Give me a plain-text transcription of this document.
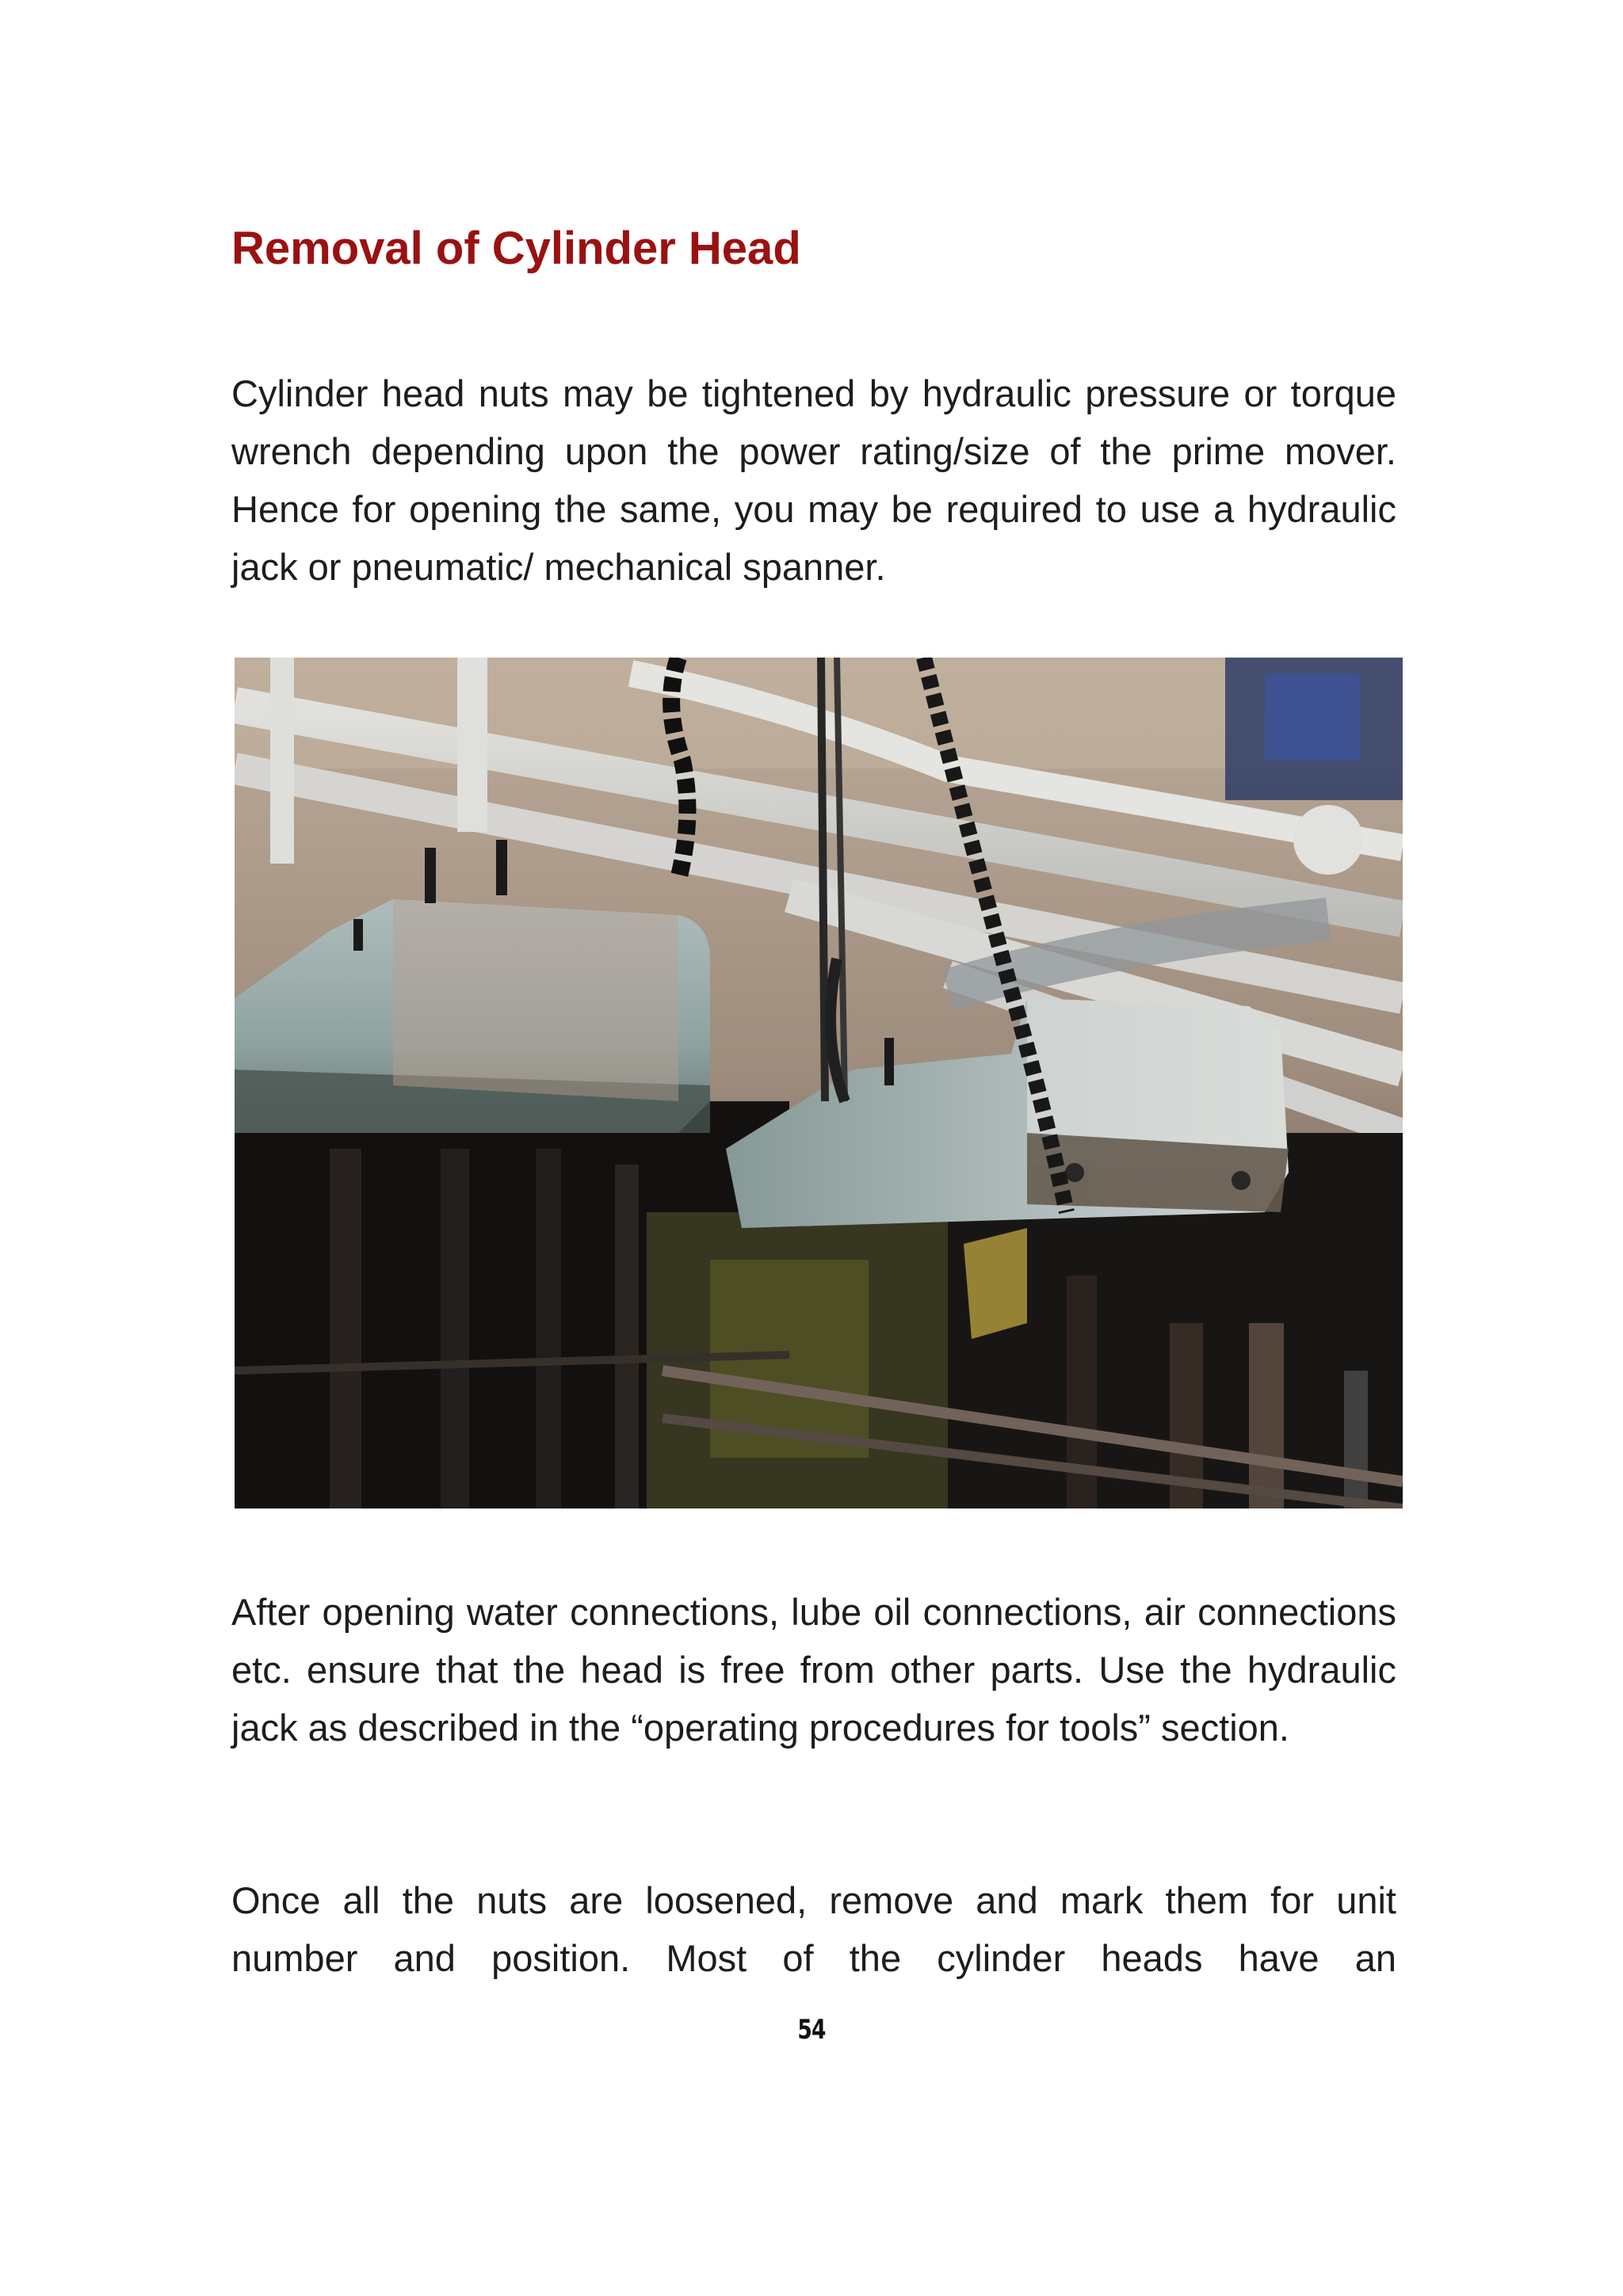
Removal of Cylinder Head

Cylinder head nuts may be tightened by hydraulic pressure or torque wrench depending upon the power rating/size of the prime mover. Hence for opening the same, you may be required to use a hydraulic jack or pneumatic/ mechanical spanner.

After opening water connections, lube oil connections, air connections etc. ensure that the head is free from other parts. Use the hydraulic jack as described in the “operating procedures for tools” section.

Once all the nuts are loosened, remove and mark them for unit number and position. Most of the cylinder heads have an

54
